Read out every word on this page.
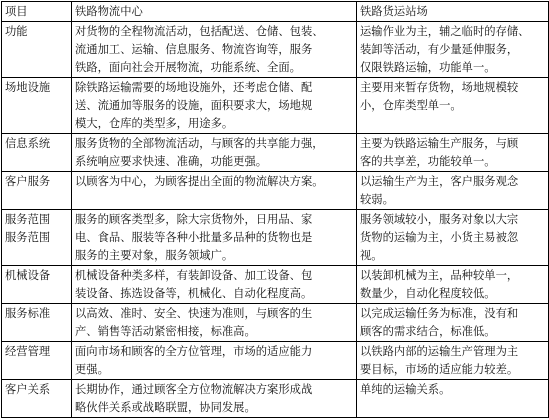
项目	铁路物流中心	铁路货运站场
功能	对货物的全程物流活动，包括配送、仓储、包装、
流通加工、运输、信息服务、物流咨询等，服务
铁路，面向社会开展物流，功能系统、全面。	运输作业为主，辅之临时的存储、
装卸等活动，有少量延伸服务，
仅限铁路运输，功能单一。
场地设施	除铁路运输需要的场地设施外，还考虑仓储、配
送、流通加等服务的设施，面积要求大，场地规
模大，仓库的类型多，用途多。	主要用来暂存货物，场地规模较
小，仓库类型单一。
信息系统	服务货物的全部物流活动，与顾客的共享能力强，
系统响应要求快速、准确，功能更强。	主要为铁路运输生产服务，与顾
客的共享差，功能较单一。
客户服务	以顾客为中心，为顾客提出全面的物流解决方案。	以运输生产为主，客户服务观念
较弱。
服务范围
服务范围	服务的顾客类型多，除大宗货物外，日用品、家
电、食品、服装等各种小批量多品种的货物也是
服务的主要对象，服务领域广。	服务领域较小，服务对象以大宗
货物的运输为主，小货主易被忽
视。
机械设备	机械设备种类多样，有装卸设备、加工设备、包
装设备、拣选设备等，机械化、自动化程度高。	以装卸机械为主，品种较单一，
数量少，自动化程度较低。
服务标准	以高效、准时、安全、快速为准则，与顾客的生
产、销售等活动紧密相接，标准高。	以完成运输任务为标准，没有和
顾客的需求结合，标准低。
经营管理	面向市场和顾客的全方位管理，市场的适应能力
更强。	以铁路内部的运输生产管理为主
要目标，市场的适应能力较差。
客户关系	长期协作，通过顾客全方位物流解决方案形成战
略伙伴关系或战略联盟，协同发展。	单纯的运输关系。
